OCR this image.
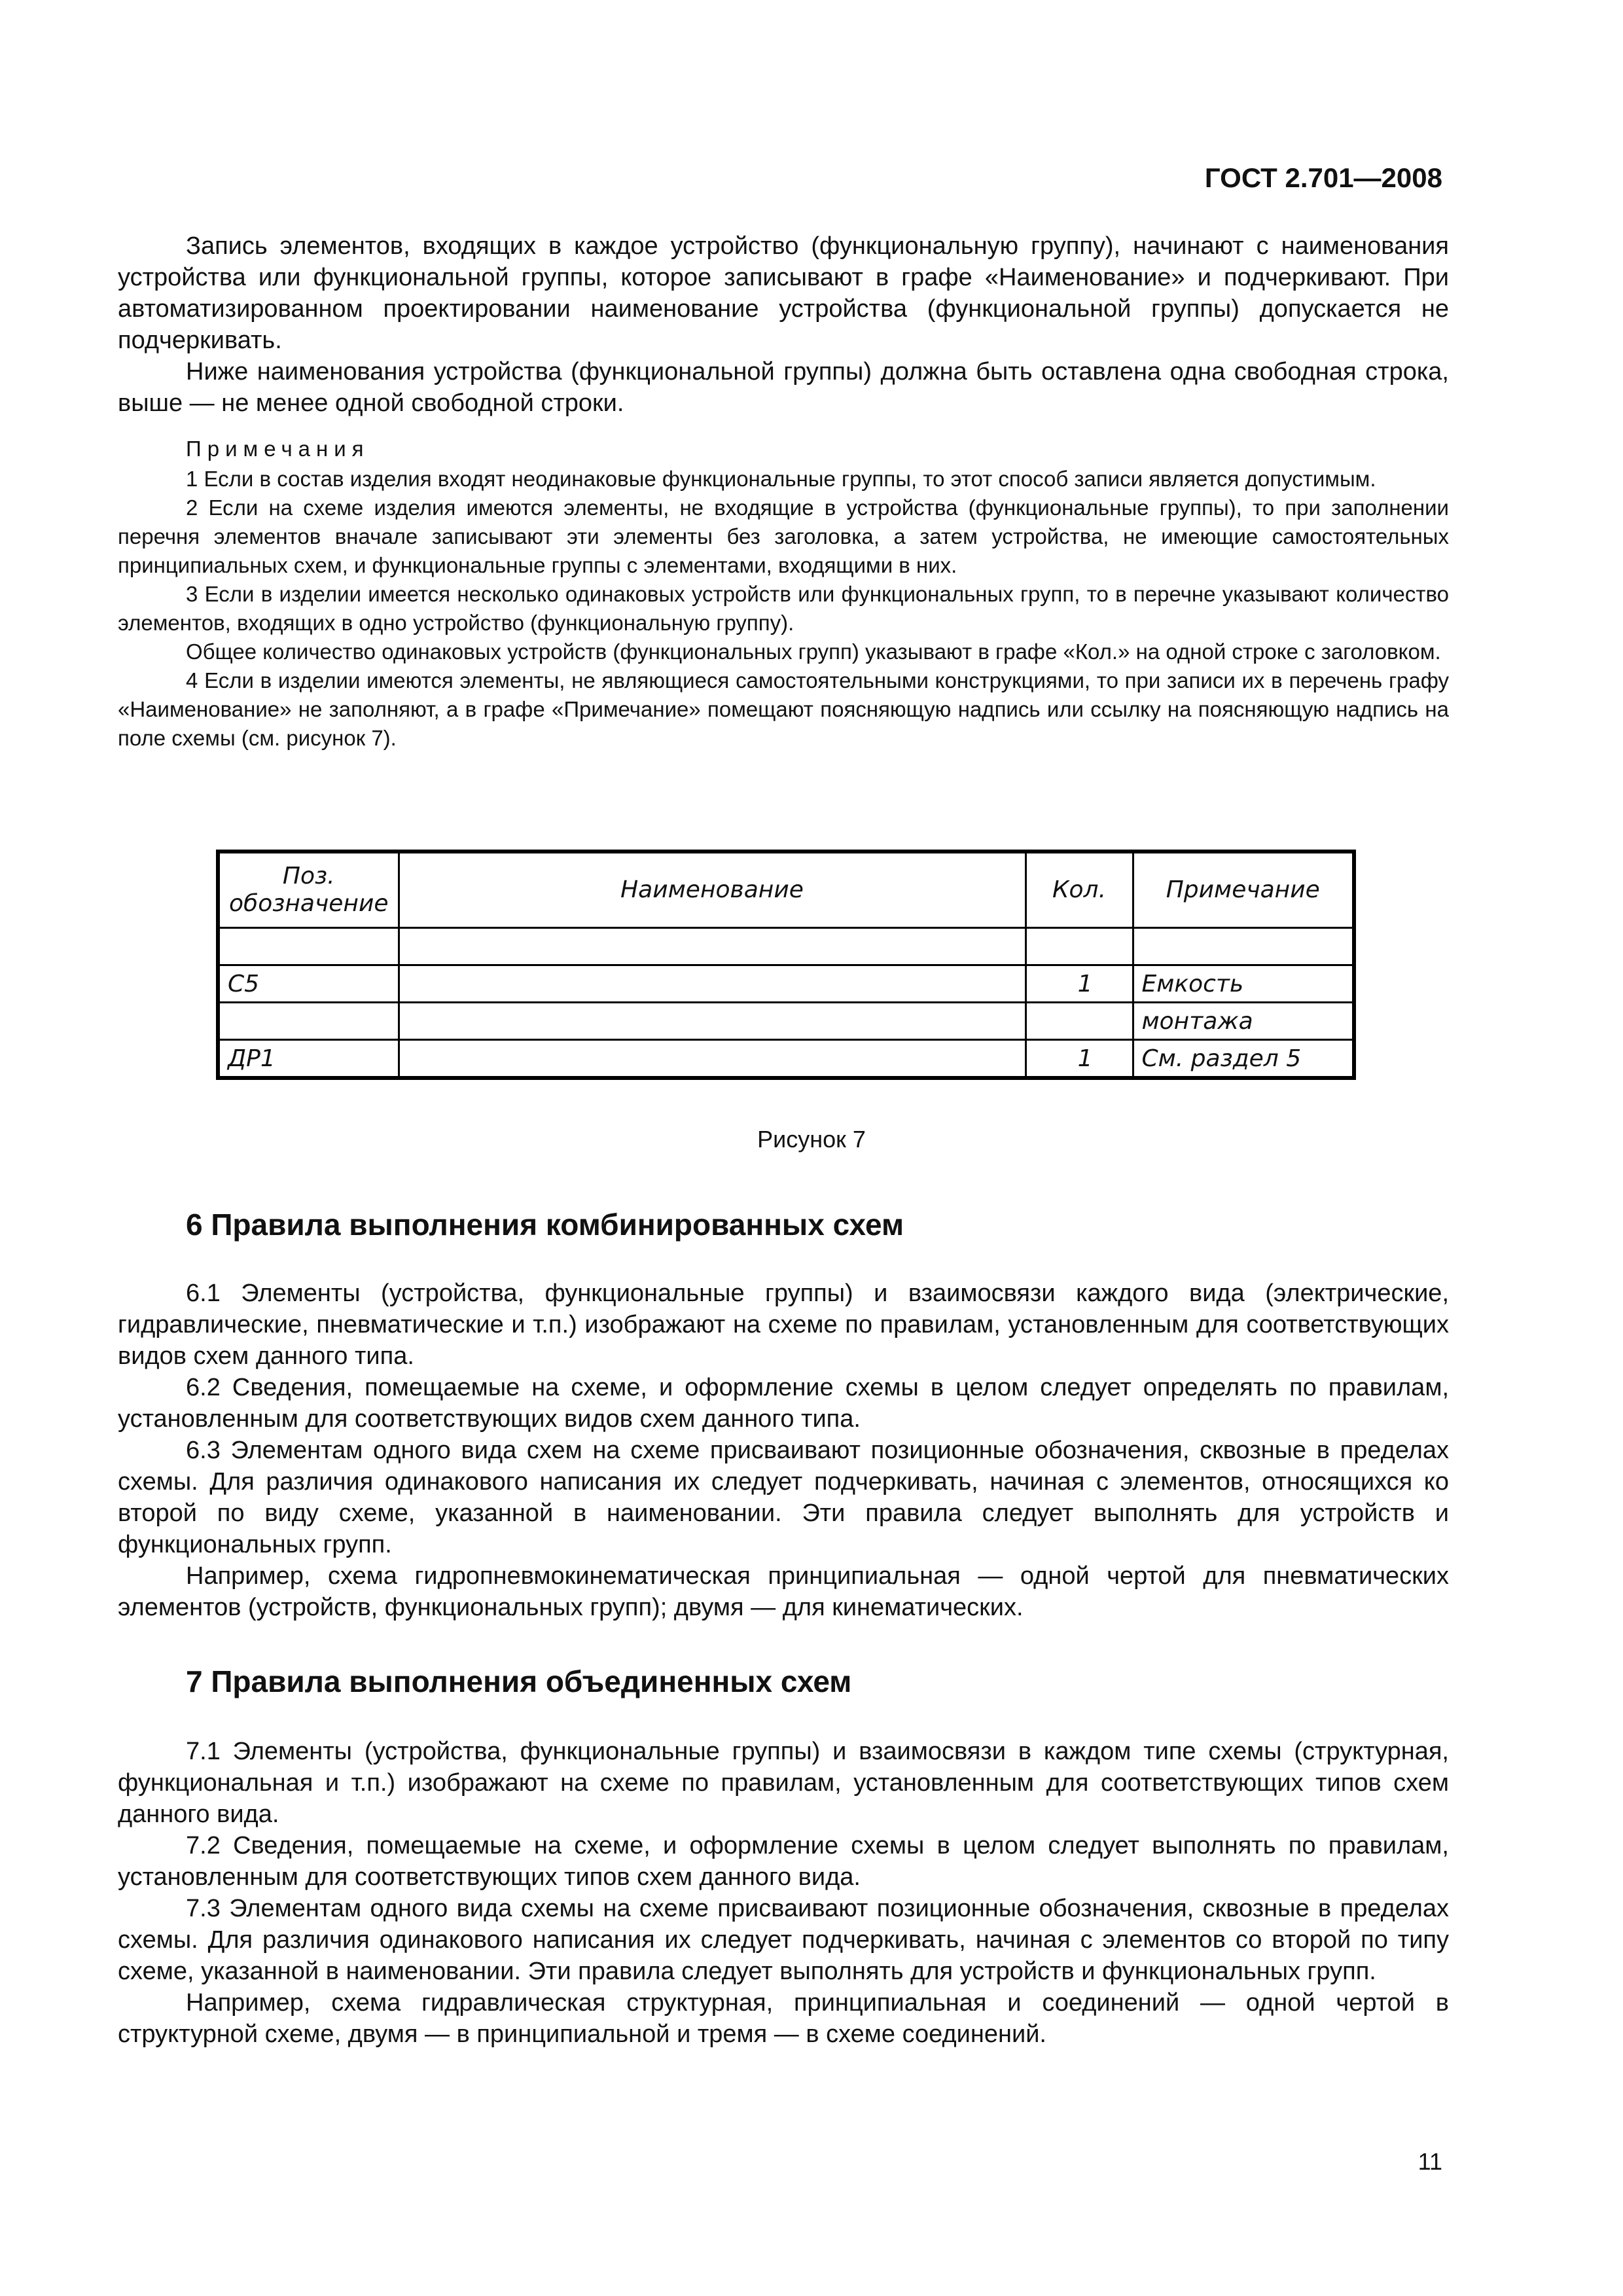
ГОСТ 2.701—2008

Запись элементов, входящих в каждое устройство (функциональную группу), начинают с наименования устройства или функциональной группы, которое записывают в графе «Наименование» и подчеркивают. При автоматизированном проектировании наименование устройства (функциональной группы) допускается не подчеркивать.

Ниже наименования устройства (функциональной группы) должна быть оставлена одна свободная строка, выше — не менее одной свободной строки.

Примечания

1 Если в состав изделия входят неодинаковые функциональные группы, то этот способ записи является допустимым.

2 Если на схеме изделия имеются элементы, не входящие в устройства (функциональные группы), то при заполнении перечня элементов вначале записывают эти элементы без заголовка, а затем устройства, не имеющие самостоятельных принципиальных схем, и функциональные группы с элементами, входящими в них.

3 Если в изделии имеется несколько одинаковых устройств или функциональных групп, то в перечне указывают количество элементов, входящих в одно устройство (функциональную группу).

Общее количество одинаковых устройств (функциональных групп) указывают в графе «Кол.» на одной строке с заголовком.

4 Если в изделии имеются элементы, не являющиеся самостоятельными конструкциями, то при записи их в перечень графу «Наименование» не заполняют, а в графе «Примечание» помещают поясняющую надпись или ссылку на поясняющую надпись на поле схемы (см. рисунок 7).

Поз.
обозначение	Наименование	Кол.	Примечание

С5		1	Емкость
			монтажа
ДР1		1	См. раздел 5
Рисунок 7
6 Правила выполнения комбинированных схем

6.1 Элементы (устройства, функциональные группы) и взаимосвязи каждого вида (электрические, гидравлические, пневматические и т.п.) изображают на схеме по правилам, установленным для соответствующих видов схем данного типа.

6.2 Сведения, помещаемые на схеме, и оформление схемы в целом следует определять по правилам, установленным для соответствующих видов схем данного типа.

6.3 Элементам одного вида схем на схеме присваивают позиционные обозначения, сквозные в пределах схемы. Для различия одинакового написания их следует подчеркивать, начиная с элементов, относящихся ко второй по виду схеме, указанной в наименовании. Эти правила следует выполнять для устройств и функциональных групп.

Например, схема гидропневмокинематическая принципиальная — одной чертой для пневматических элементов (устройств, функциональных групп); двумя — для кинематических.

7 Правила выполнения объединенных схем

7.1 Элементы (устройства, функциональные группы) и взаимосвязи в каждом типе схемы (структурная, функциональная и т.п.) изображают на схеме по правилам, установленным для соответствующих типов схем данного вида.

7.2 Сведения, помещаемые на схеме, и оформление схемы в целом следует выполнять по правилам, установленным для соответствующих типов схем данного вида.

7.3 Элементам одного вида схемы на схеме присваивают позиционные обозначения, сквозные в пределах схемы. Для различия одинакового написания их следует подчеркивать, начиная с элементов со второй по типу схеме, указанной в наименовании. Эти правила следует выполнять для устройств и функциональных групп.

Например, схема гидравлическая структурная, принципиальная и соединений — одной чертой в структурной схеме, двумя — в принципиальной и тремя — в схеме соединений.

11
